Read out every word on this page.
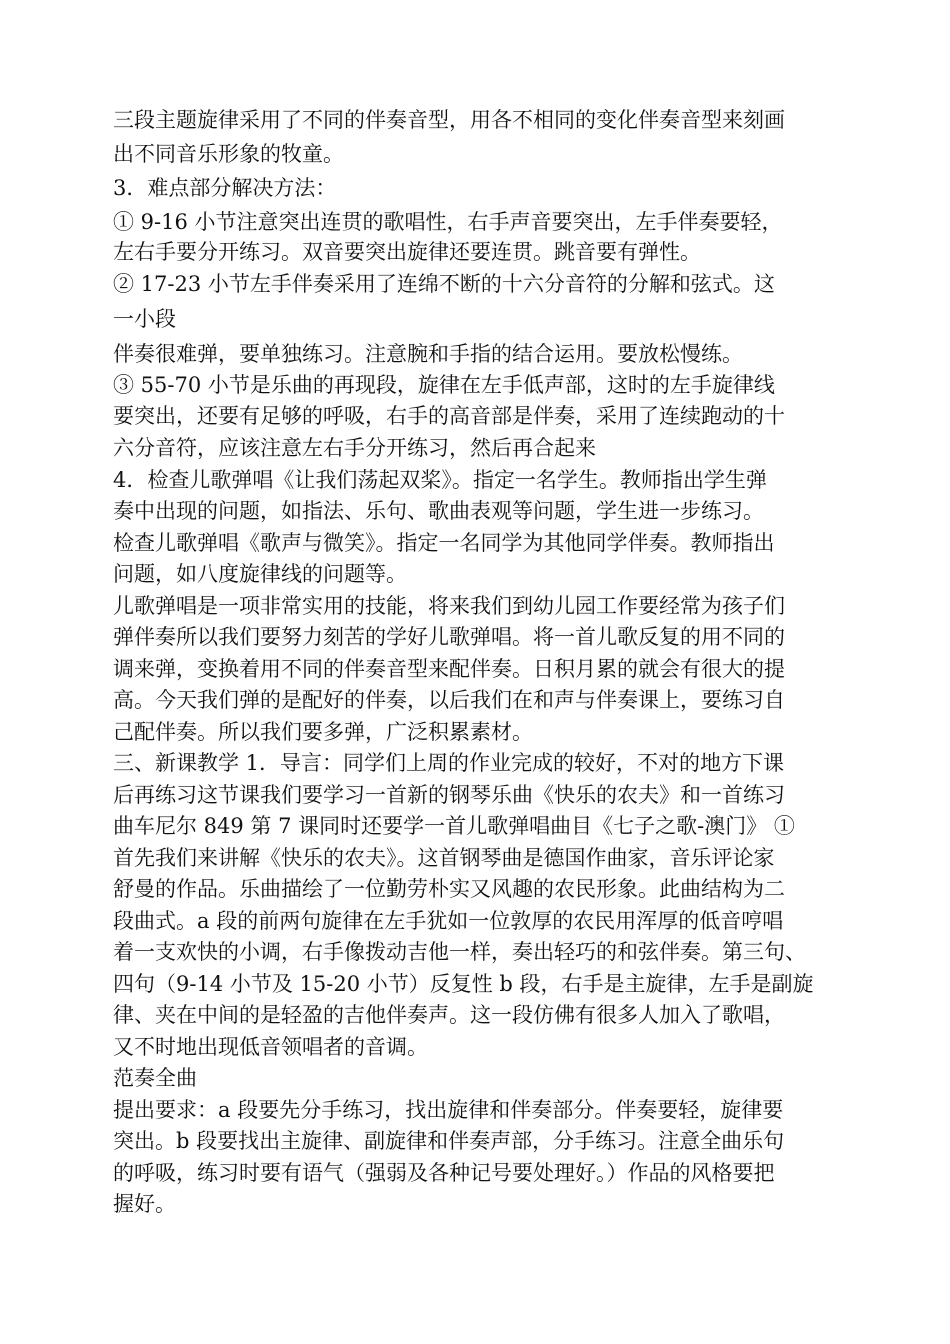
三段主题旋律采用了不同的伴奏音型，用各不相同的变化伴奏音型来刻画
出不同音乐形象的牧童。
3．难点部分解决方法：
① 9-16 小节注意突出连贯的歌唱性，右手声音要突出，左手伴奏要轻，
左右手要分开练习。双音要突出旋律还要连贯。跳音要有弹性。
② 17-23 小节左手伴奏采用了连绵不断的十六分音符的分解和弦式。这
一小段
伴奏很难弹，要单独练习。注意腕和手指的结合运用。要放松慢练。
③ 55-70 小节是乐曲的再现段，旋律在左手低声部，这时的左手旋律线
要突出，还要有足够的呼吸，右手的高音部是伴奏，采用了连续跑动的十
六分音符，应该注意左右手分开练习，然后再合起来
4．检查儿歌弹唱《让我们荡起双桨》。指定一名学生。教师指出学生弹
奏中出现的问题，如指法、乐句、歌曲表观等问题，学生进一步练习。
检查儿歌弹唱《歌声与微笑》。指定一名同学为其他同学伴奏。教师指出
问题，如八度旋律线的问题等。
儿歌弹唱是一项非常实用的技能，将来我们到幼儿园工作要经常为孩子们
弹伴奏所以我们要努力刻苦的学好儿歌弹唱。将一首儿歌反复的用不同的
调来弹，变换着用不同的伴奏音型来配伴奏。日积月累的就会有很大的提
高。今天我们弹的是配好的伴奏，以后我们在和声与伴奏课上，要练习自
己配伴奏。所以我们要多弹，广泛积累素材。
三、新课教学 1．导言：同学们上周的作业完成的较好，不对的地方下课
后再练习这节课我们要学习一首新的钢琴乐曲《快乐的农夫》和一首练习
曲车尼尔 849 第 7 课同时还要学一首儿歌弹唱曲目《七子之歌-澳门》 ①
首先我们来讲解《快乐的农夫》。这首钢琴曲是德国作曲家，音乐评论家
舒曼的作品。乐曲描绘了一位勤劳朴实又风趣的农民形象。此曲结构为二
段曲式。a 段的前两句旋律在左手犹如一位敦厚的农民用浑厚的低音哼唱
着一支欢快的小调，右手像拨动吉他一样，奏出轻巧的和弦伴奏。第三句、
四句（9-14 小节及 15-20 小节）反复性 b 段，右手是主旋律，左手是副旋
律、夹在中间的是轻盈的吉他伴奏声。这一段仿佛有很多人加入了歌唱，
又不时地出现低音领唱者的音调。
范奏全曲
提出要求：a 段要先分手练习，找出旋律和伴奏部分。伴奏要轻，旋律要
突出。b 段要找出主旋律、副旋律和伴奏声部，分手练习。注意全曲乐句
的呼吸，练习时要有语气（强弱及各种记号要处理好。）作品的风格要把
握好。
